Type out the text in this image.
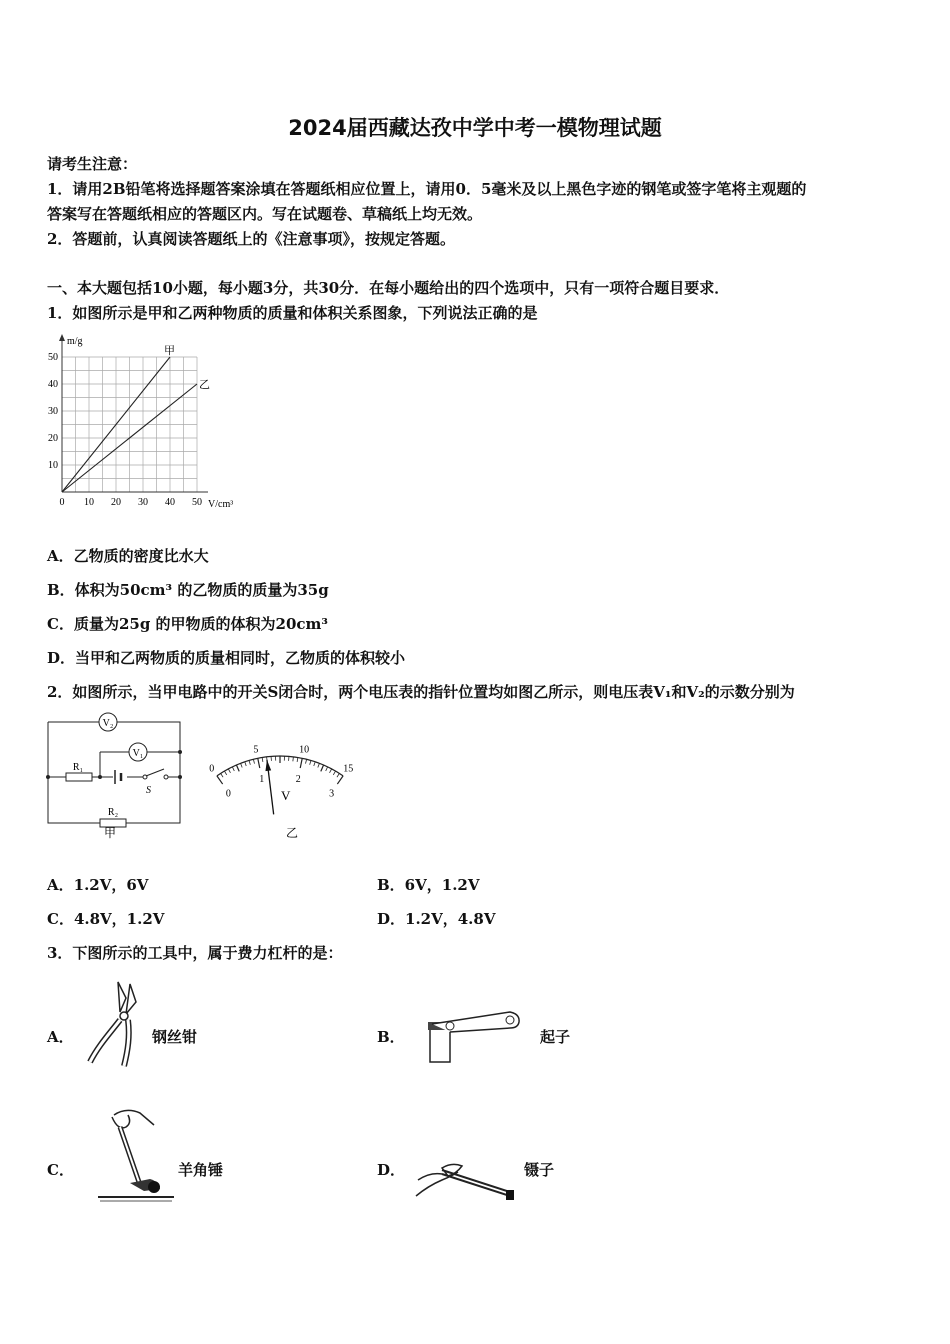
2024届西藏达孜中学中考一模物理试题
请考生注意：
1．请用2B铅笔将选择题答案涂填在答题纸相应位置上，请用0．5毫米及以上黑色字迹的钢笔或签字笔将主观题的
答案写在答题纸相应的答题区内。写在试题卷、草稿纸上均无效。
2．答题前，认真阅读答题纸上的《注意事项》，按规定答题。
一、本大题包括10小题，每小题3分，共30分．在每小题给出的四个选项中，只有一项符合题目要求．
1．如图所示是甲和乙两种物质的质量和体积关系图象，下列说法正确的是
m/g
V/cm³
0 10 20 30 40 50
10
20
30
40
50
甲
乙
A．乙物质的密度比水大
B．体积为50cm³ 的乙物质的质量为35g
C．质量为25g 的甲物质的体积为20cm³
D．当甲和乙两物质的质量相同时，乙物质的体积较小
2．如图所示，当甲电路中的开关S闭合时，两个电压表的指针位置均如图乙所示，则电压表V₁和V₂的示数分别为
V₂
V₁
R₁
R₂
S
甲
0
5	10
15
0
1	2
3
V
乙
A．1.2V，6V	B．6V，1.2V
C．4.8V，1.2V	D．1.2V，4.8V
3．下图所示的工具中，属于费力杠杆的是：
A．	钢丝钳	B．	起子
C．	羊角锤	D．	镊子
